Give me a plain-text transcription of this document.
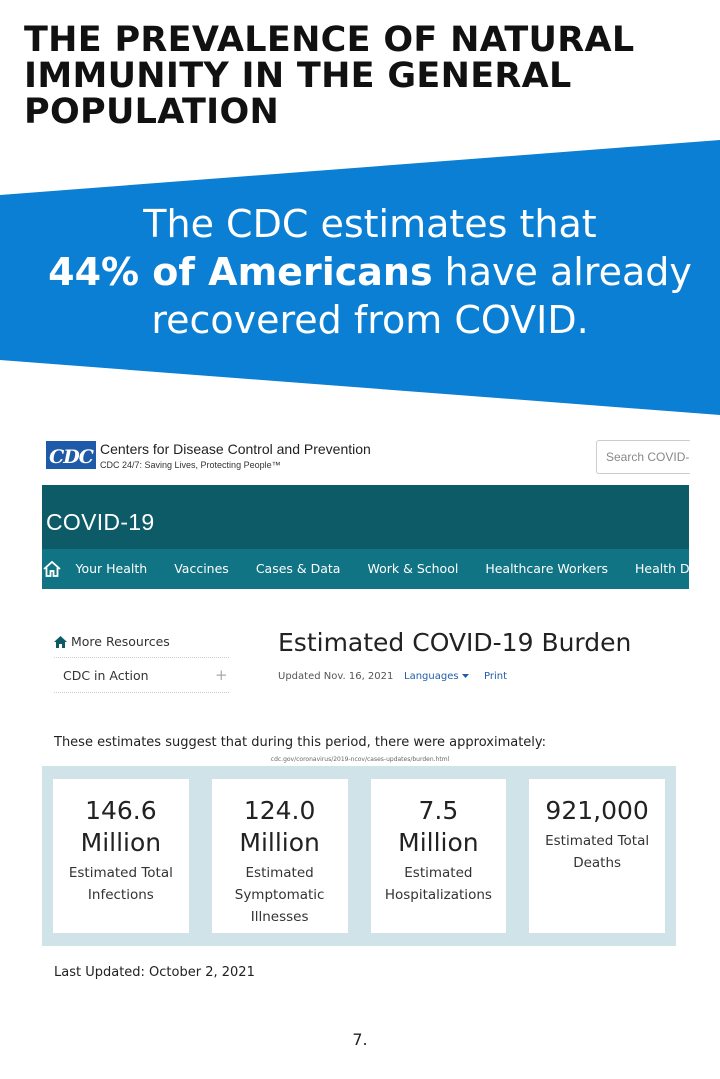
THE PREVALENCE OF NATURAL
IMMUNITY IN THE GENERAL
POPULATION
The CDC estimates that
44% of Americans have already
recovered from COVID.
CDC Centers for Disease Control and Prevention
CDC 24/7: Saving Lives, Protecting People™
Search COVID-
COVID-19
Your Health	Vaccines	Cases & Data	Work & School	Healthcare Workers	Health De
More Resources
CDC in Action	+
Estimated COVID-19 Burden
Updated Nov. 16, 2021 Languages	Print
These estimates suggest that during this period, there were approximately:
cdc.gov/coronavirus/2019-ncov/cases-updates/burden.html
146.6
Million
Estimated Total
Infections
124.0
Million
Estimated
Symptomatic
Illnesses
7.5
Million
Estimated
Hospitalizations
921,000
Estimated Total
Deaths
Last Updated: October 2, 2021
7.
